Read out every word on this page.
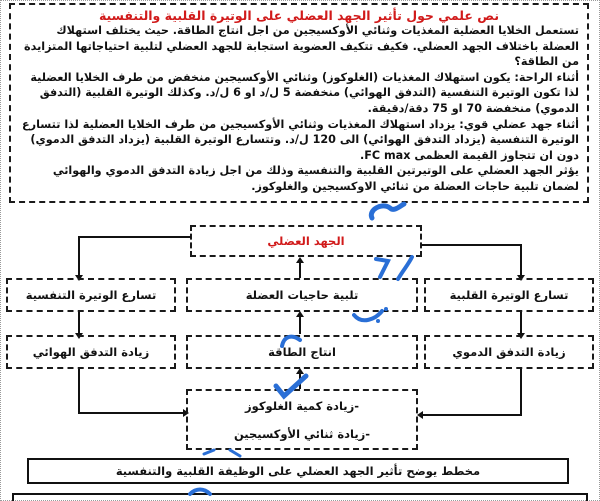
نص علمي حول تأثير الجهد العضلي على الوتيرة القلبية والتنفسية

تستعمل الخلايا العضلية المغذيات وثنائي الأوكسيجين من اجل انتاج الطاقة. حيث يختلف استهلاك العضلة باختلاف الجهد العضلي. فكيف تتكيف العضوية استجابة للجهد العضلي لتلبية احتياجاتها المتزايدة من الطاقة؟

أثناء الراحة: يكون استهلاك المغذيات (الغلوكوز) وثنائي الأوكسيجين منخفض من طرف الخلايا العضلية لذا تكون الوتيرة التنفسية (التدفق الهوائي) منخفضة 5 ل/د او 6 ل/د. وكذلك الوتيرة القلبية (التدفق الدموي) منخفضة 70 او 75 دقة/دقيقة.

أثناء جهد عضلي قوي: يزداد استهلاك المغذيات وثنائي الأوكسيجين من طرف الخلايا العضلية لذا تتسارع الوتيرة التنفسية (يزداد التدفق الهوائي) الى 120 ل/د. وتتسارع الوتيرة القلبية (يزداد التدفق الدموي) دون ان تتجاوز القيمة العظمى FC max.

يؤثر الجهد العضلي على الوتيرتين القلبية والتنفسية وذلك من اجل زيادة التدفق الدموي والهوائي لضمان تلبية حاجات العضلة من ثنائي الاوكسيجين والغلوكوز.

الجهد العضلي
تسارع الوتيرة التنفسية	تلبية حاجيات العضلة	تسارع الوتيرة القلبية
زيادة التدفق الهوائي	انتاج الطاقة	زيادة التدفق الدموي
-زيادة كمية الغلوكوز
-زيادة ثنائي الأوكسيجين
مخطط يوضح تأثير الجهد العضلي على الوظيفة القلبية والتنفسية
